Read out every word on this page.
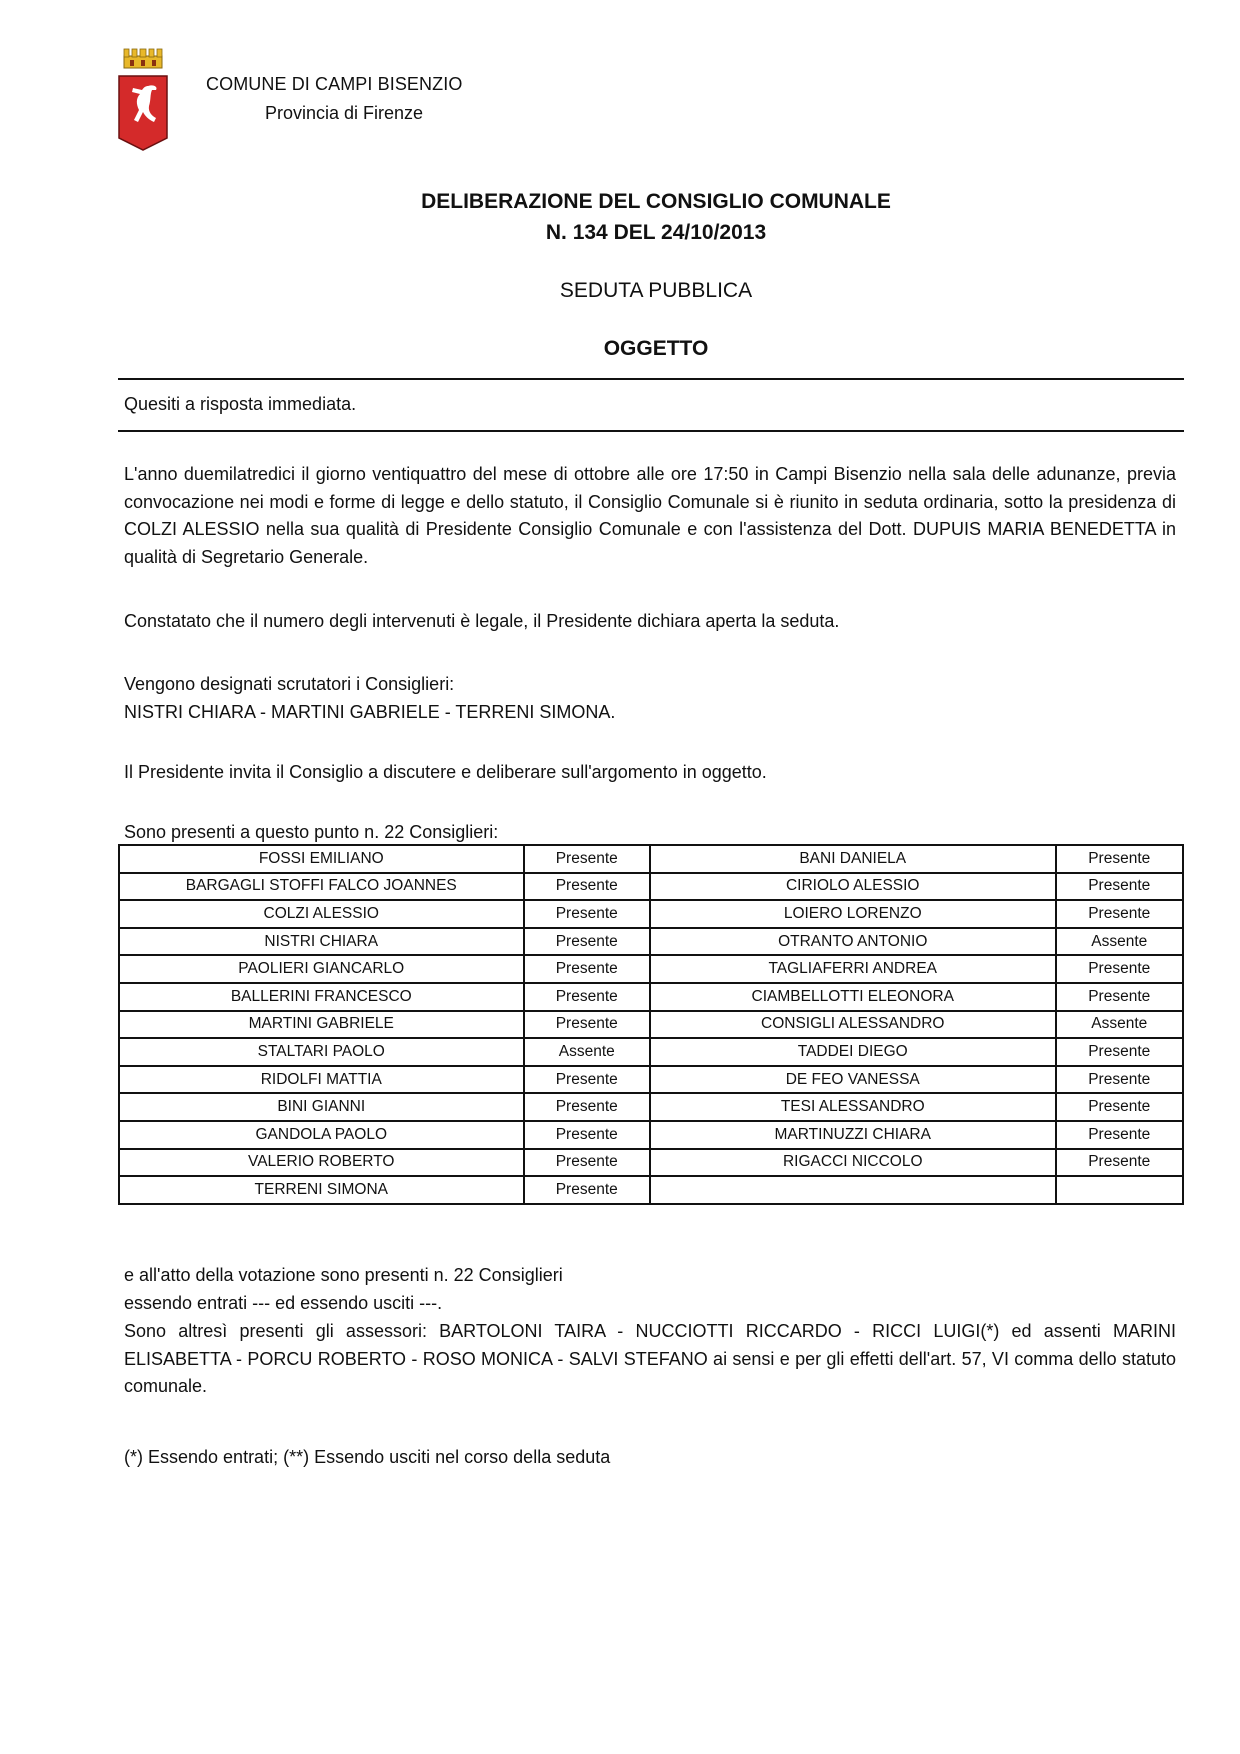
COMUNE DI CAMPI BISENZIO
Provincia di Firenze
DELIBERAZIONE DEL CONSIGLIO COMUNALE
N. 134 DEL 24/10/2013
SEDUTA PUBBLICA
OGGETTO
Quesiti a risposta immediata.
L'anno duemilatredici il giorno ventiquattro del mese di ottobre alle ore 17:50 in Campi Bisenzio nella sala delle adunanze, previa convocazione nei modi e forme di legge e dello statuto, il Consiglio Comunale si è riunito in seduta ordinaria, sotto la presidenza di COLZI ALESSIO nella sua qualità di Presidente Consiglio Comunale e con l'assistenza del Dott. DUPUIS MARIA BENEDETTA in qualità di Segretario Generale.
Constatato che il numero degli intervenuti è legale, il Presidente dichiara aperta la seduta.
Vengono designati scrutatori i Consiglieri:
NISTRI CHIARA - MARTINI GABRIELE - TERRENI SIMONA.
Il Presidente invita il Consiglio a discutere e deliberare sull'argomento in oggetto.
Sono presenti a questo punto n. 22 Consiglieri:
FOSSI EMILIANO	Presente	BANI DANIELA	Presente
BARGAGLI STOFFI FALCO JOANNES	Presente	CIRIOLO ALESSIO	Presente
COLZI ALESSIO	Presente	LOIERO LORENZO	Presente
NISTRI CHIARA	Presente	OTRANTO ANTONIO	Assente
PAOLIERI GIANCARLO	Presente	TAGLIAFERRI ANDREA	Presente
BALLERINI FRANCESCO	Presente	CIAMBELLOTTI ELEONORA	Presente
MARTINI GABRIELE	Presente	CONSIGLI ALESSANDRO	Assente
STALTARI PAOLO	Assente	TADDEI DIEGO	Presente
RIDOLFI MATTIA	Presente	DE FEO VANESSA	Presente
BINI GIANNI	Presente	TESI ALESSANDRO	Presente
GANDOLA PAOLO	Presente	MARTINUZZI CHIARA	Presente
VALERIO ROBERTO	Presente	RIGACCI NICCOLO	Presente
TERRENI SIMONA	Presente		
e all'atto della votazione sono presenti n. 22 Consiglieri
essendo entrati --- ed essendo usciti ---.
Sono altresì presenti gli assessori: BARTOLONI TAIRA - NUCCIOTTI RICCARDO - RICCI LUIGI(*) ed assenti MARINI ELISABETTA - PORCU ROBERTO - ROSO MONICA - SALVI STEFANO ai sensi e per gli effetti dell'art. 57, VI comma dello statuto comunale.
(*) Essendo entrati; (**) Essendo usciti nel corso della seduta
